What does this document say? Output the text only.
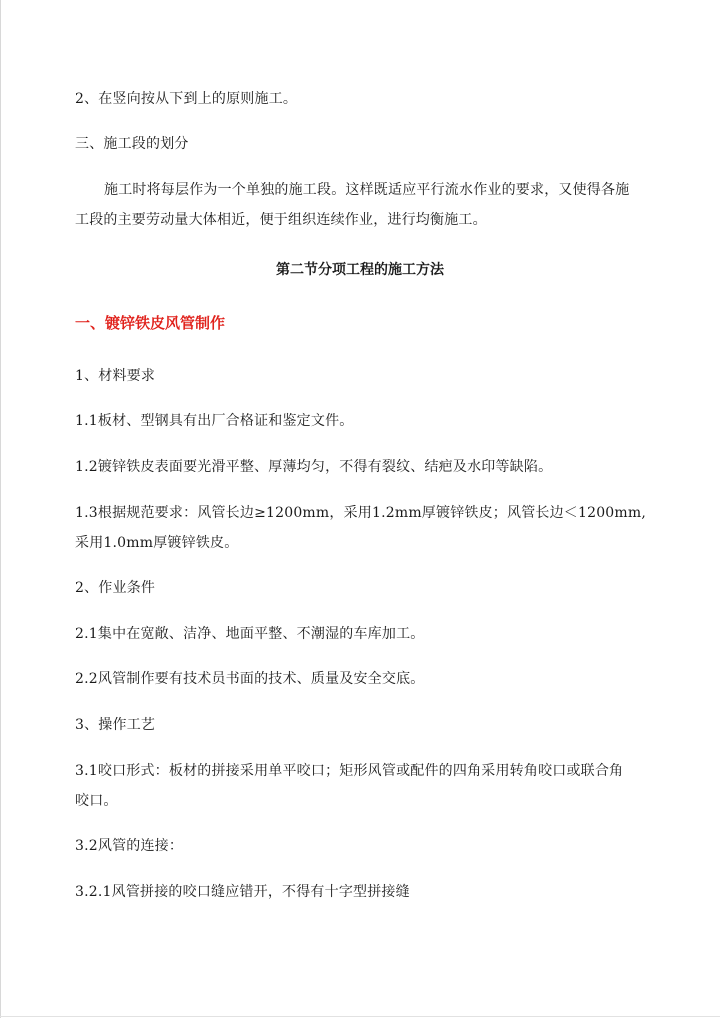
2、在竖向按从下到上的原则施工。
三、施工段的划分
施工时将每层作为一个单独的施工段。这样既适应平行流水作业的要求，又使得各施
工段的主要劳动量大体相近，便于组织连续作业，进行均衡施工。
第二节分项工程的施工方法
一、镀锌铁皮风管制作
1、材料要求
1.1板材、型钢具有出厂合格证和鉴定文件。
1.2镀锌铁皮表面要光滑平整、厚薄均匀，不得有裂纹、结疤及水印等缺陷。
1.3根据规范要求：风管长边≥1200mm，采用1.2mm厚镀锌铁皮；风管长边＜1200mm,
采用1.0mm厚镀锌铁皮。
2、作业条件
2.1集中在宽敞、洁净、地面平整、不潮湿的车库加工。
2.2风管制作要有技术员书面的技术、质量及安全交底。
3、操作工艺
3.1咬口形式：板材的拼接采用单平咬口；矩形风管或配件的四角采用转角咬口或联合角
咬口。
3.2风管的连接：
3.2.1风管拼接的咬口缝应错开，不得有十字型拼接缝
